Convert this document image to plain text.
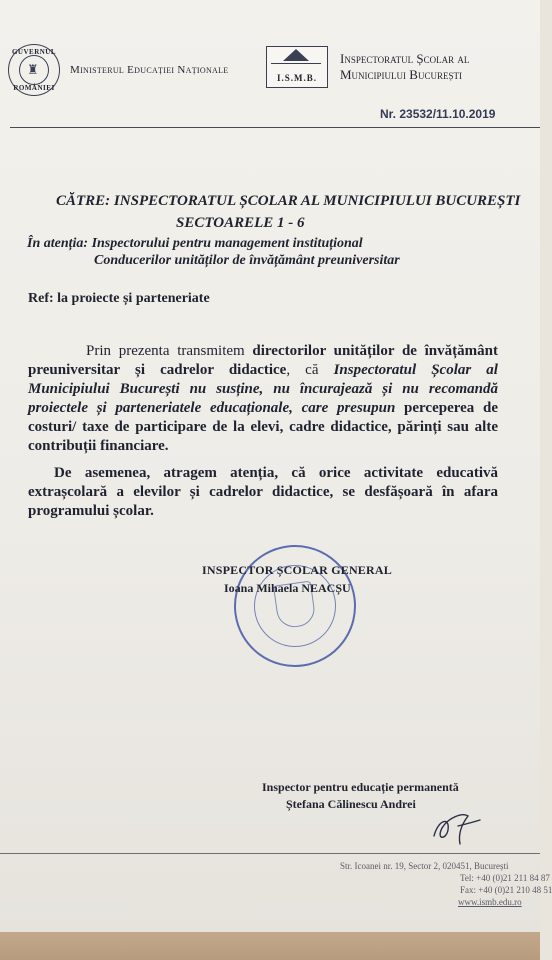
GUVERNUL
♜
ROMÂNIEI
Ministerul Educației Naționale
I.S.M.B.
Inspectoratul Școlar al
Municipiului București
Nr. 23532/11.10.2019
CĂTRE: INSPECTORATUL ȘCOLAR AL MUNICIPIULUI BUCUREȘTI
SECTOARELE 1 - 6
În atenția: Inspectorului pentru management instituțional
Conducerilor unităților de învățământ preuniversitar
Ref: la proiecte și parteneriate
Prin prezenta transmitem directorilor unităților de învățământ preuniversitar și cadrelor didactice, că Inspectoratul Școlar al Municipiului București nu susține, nu încurajează și nu recomandă proiectele și parteneriatele educaționale, care presupun perceperea de costuri/ taxe de participare de la elevi, cadre didactice, părinți sau alte contribuții financiare.
De asemenea, atragem atenția, că orice activitate educativă extrașcolară a elevilor și cadrelor didactice, se desfășoară în afara programului școlar.
INSPECTOR ȘCOLAR GENERAL
Ioana Mihaela NEACȘU
Inspector pentru educație permanentă
Ștefana Călinescu Andrei
Str. Icoanei nr. 19, Sector 2, 020451, București
Tel: +40 (0)21 211 84 87
Fax: +40 (0)21 210 48 51
www.ismb.edu.ro
